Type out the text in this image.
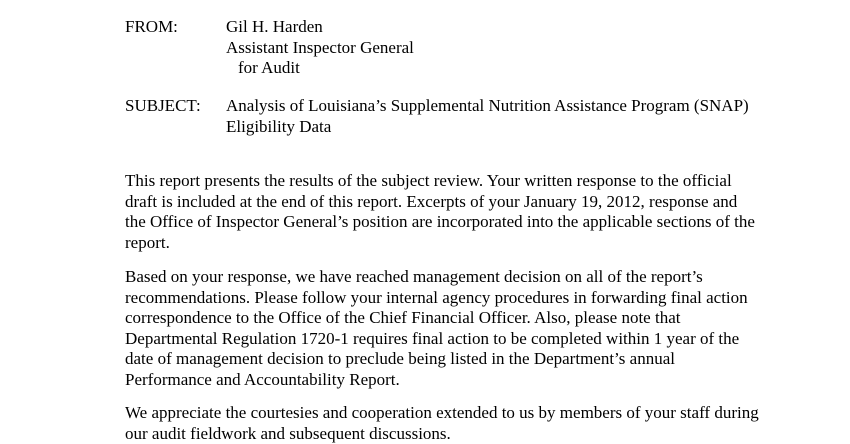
FROM:	Gil H. Harden
Assistant Inspector General
for Audit
SUBJECT:	Analysis of Louisiana’s Supplemental Nutrition Assistance Program (SNAP)
Eligibility Data
This report presents the results of the subject review. Your written response to the official
draft is included at the end of this report. Excerpts of your January 19, 2012, response and
the Office of Inspector General’s position are incorporated into the applicable sections of the
report.
Based on your response, we have reached management decision on all of the report’s
recommendations. Please follow your internal agency procedures in forwarding final action
correspondence to the Office of the Chief Financial Officer. Also, please note that
Departmental Regulation 1720-1 requires final action to be completed within 1 year of the
date of management decision to preclude being listed in the Department’s annual
Performance and Accountability Report.
We appreciate the courtesies and cooperation extended to us by members of your staff during
our audit fieldwork and subsequent discussions.
